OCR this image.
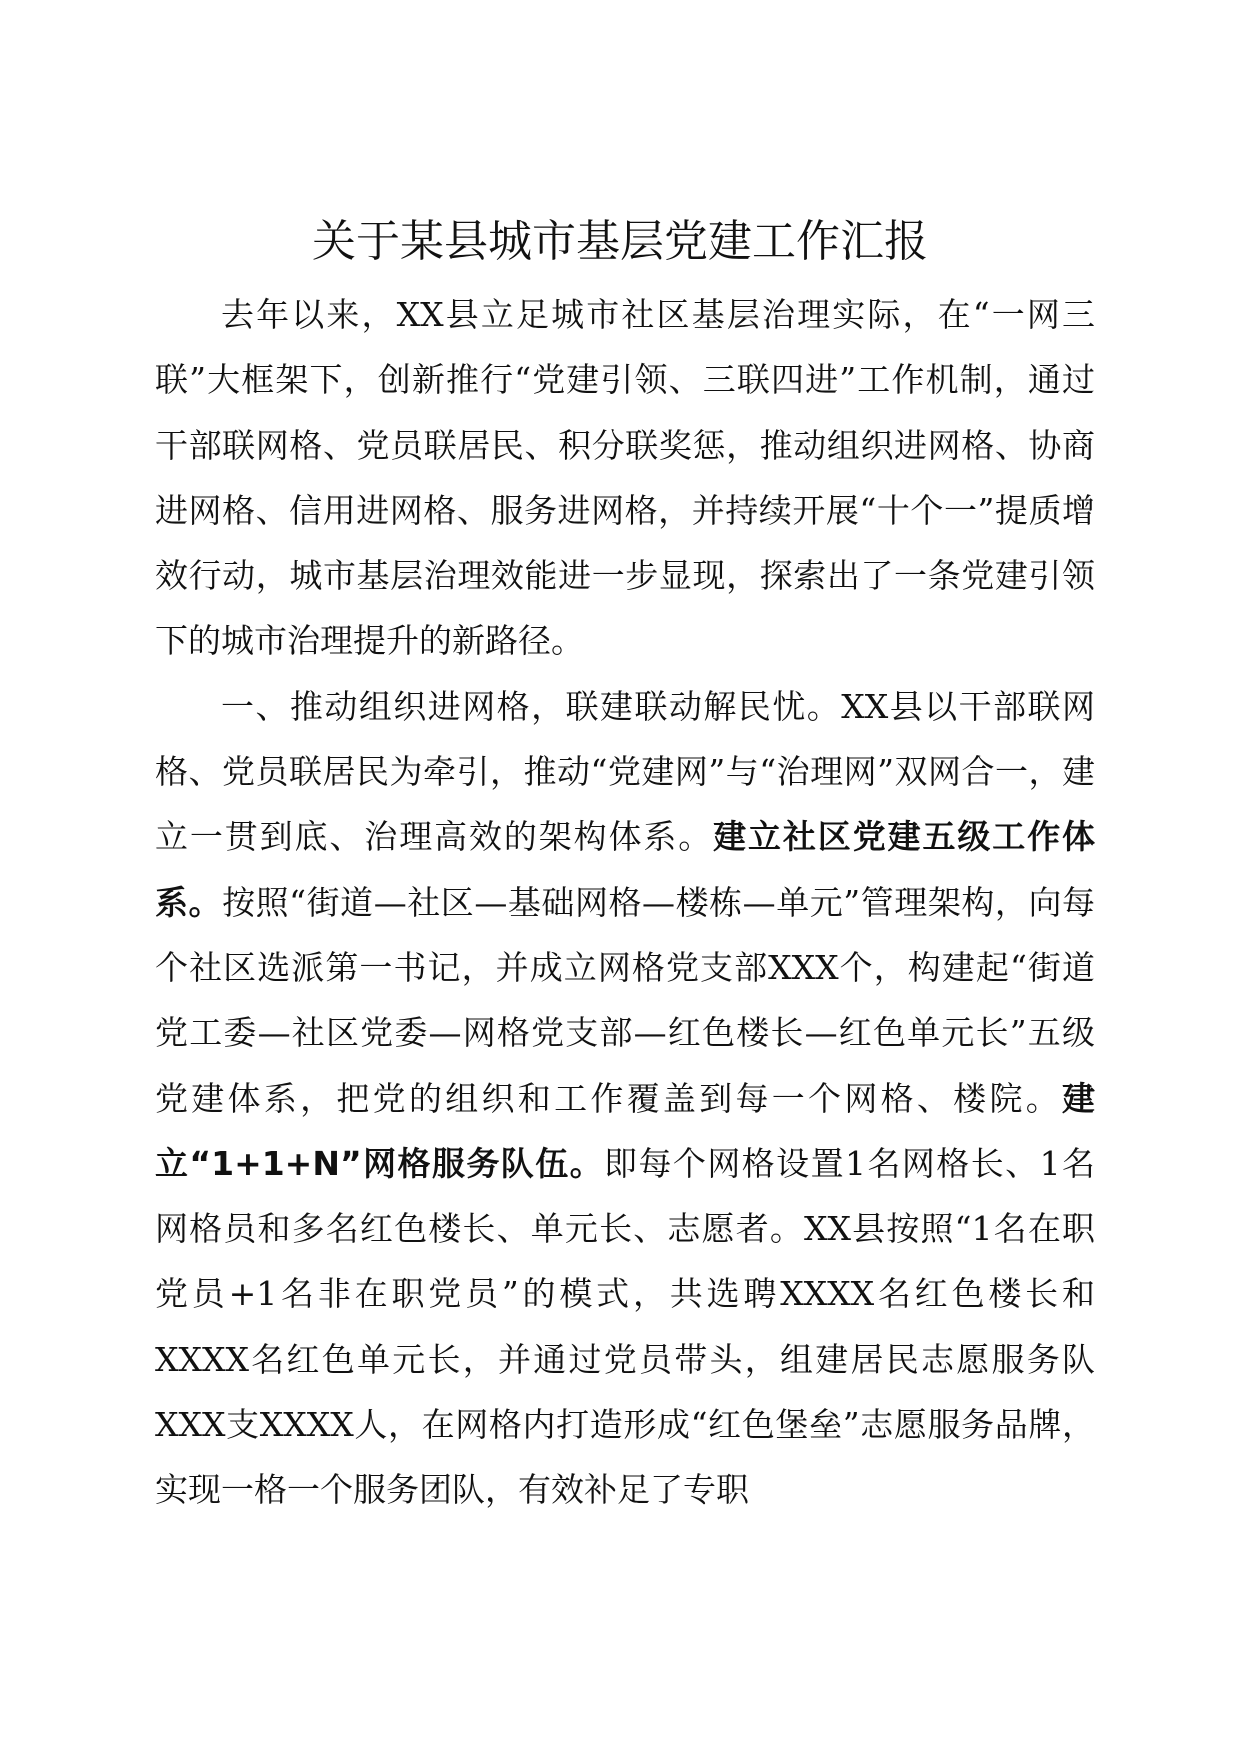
关于某县城市基层党建工作汇报

去年以来，XX县立足城市社区基层治理实际，在“一网三联”大框架下，创新推行“党建引领、三联四进”工作机制，通过干部联网格、党员联居民、积分联奖惩，推动组织进网格、协商进网格、信用进网格、服务进网格，并持续开展“十个一”提质增效行动，城市基层治理效能进一步显现，探索出了一条党建引领下的城市治理提升的新路径。

一、推动组织进网格，联建联动解民忧。XX县以干部联网格、党员联居民为牵引，推动“党建网”与“治理网”双网合一，建立一贯到底、治理高效的架构体系。建立社区党建五级工作体系。按照“街道—社区—基础网格—楼栋—单元”管理架构，向每个社区选派第一书记，并成立网格党支部XXX个，构建起“街道党工委—社区党委—网格党支部—红色楼长—红色单元长”五级党建体系，把党的组织和工作覆盖到每一个网格、楼院。建立“1+1+N”网格服务队伍。即每个网格设置1名网格长、1名网格员和多名红色楼长、单元长、志愿者。XX县按照“1名在职党员+1名非在职党员”的模式，共选聘XXXX名红色楼长和XXXX名红色单元长，并通过党员带头，组建居民志愿服务队XXX支XXXX人，在网格内打造形成“红色堡垒”志愿服务品牌，实现一格一个服务团队，有效补足了专职
